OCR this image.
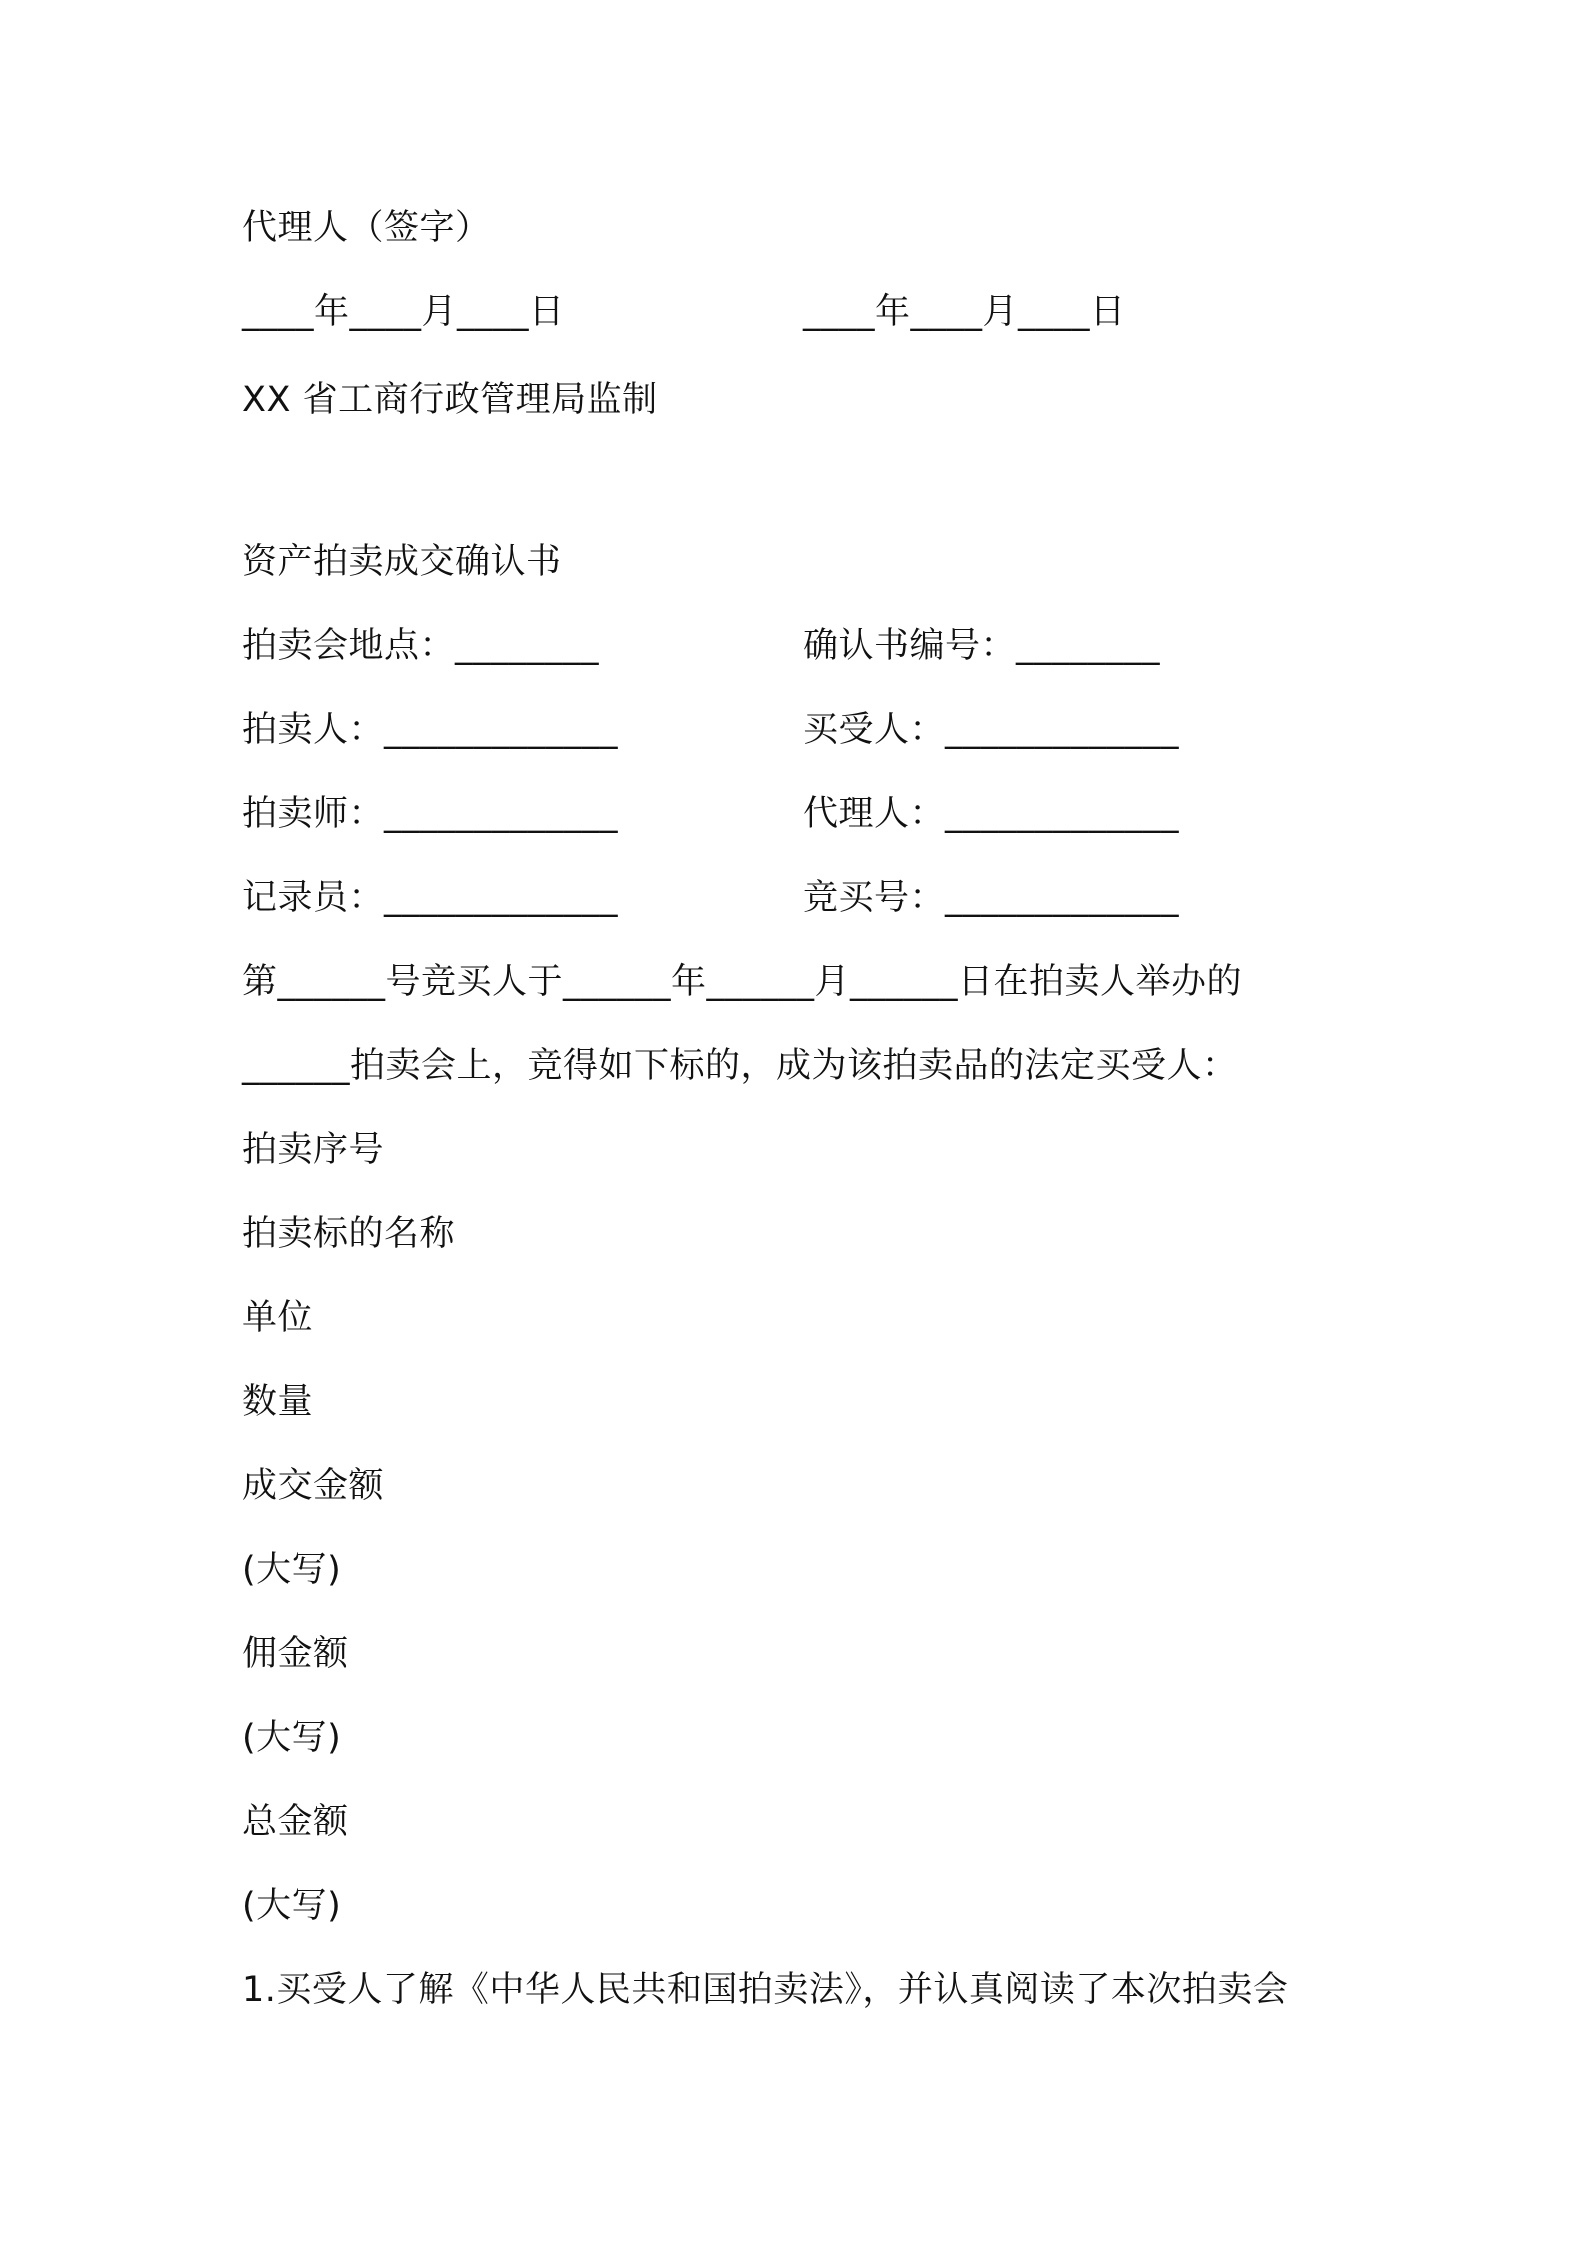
代理人（签字）
____年____月____日	____年____月____日
XX 省工商行政管理局监制
资产拍卖成交确认书
拍卖会地点：________	确认书编号：________
拍卖人：_____________	买受人：_____________
拍卖师：_____________	代理人：_____________
记录员：_____________	竞买号：_____________
第______号竞买人于______年______月______日在拍卖人举办的
______拍卖会上，竞得如下标的，成为该拍卖品的法定买受人：
拍卖序号
拍卖标的名称
单位
数量
成交金额
(大写)
佣金额
(大写)
总金额
(大写)
1.买受人了解《中华人民共和国拍卖法》，并认真阅读了本次拍卖会
